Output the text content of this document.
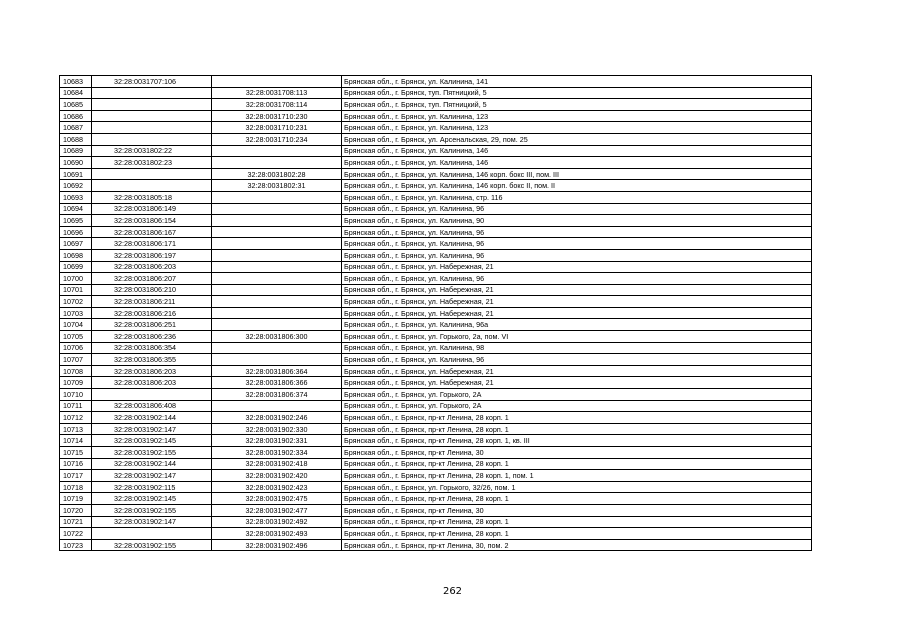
10683	32:28:0031707:106		Брянская обл., г. Брянск, ул. Калинина, 141
10684		32:28:0031708:113	Брянская обл., г. Брянск, туп. Пятницкий, 5
10685		32:28:0031708:114	Брянская обл., г. Брянск, туп. Пятницкий, 5
10686		32:28:0031710:230	Брянская обл., г. Брянск, ул. Калинина, 123
10687		32:28:0031710:231	Брянская обл., г. Брянск, ул. Калинина, 123
10688		32:28:0031710:234	Брянская обл., г. Брянск, ул. Арсенальская, 29, пом. 25
10689	32:28:0031802:22		Брянская обл., г. Брянск, ул. Калинина, 146
10690	32:28:0031802:23		Брянская обл., г. Брянск, ул. Калинина, 146
10691		32:28:0031802:28	Брянская обл., г. Брянск, ул. Калинина, 146 корп. бокс III, пом. III
10692		32:28:0031802:31	Брянская обл., г. Брянск, ул. Калинина, 146 корп. бокс II, пом. II
10693	32:28:0031805:18		Брянская обл., г. Брянск, ул. Калинина, стр. 116
10694	32:28:0031806:149		Брянская обл., г. Брянск, ул. Калинина, 96
10695	32:28:0031806:154		Брянская обл., г. Брянск, ул. Калинина, 90
10696	32:28:0031806:167		Брянская обл., г. Брянск, ул. Калинина, 96
10697	32:28:0031806:171		Брянская обл., г. Брянск, ул. Калинина, 96
10698	32:28:0031806:197		Брянская обл., г. Брянск, ул. Калинина, 96
10699	32:28:0031806:203		Брянская обл., г. Брянск, ул. Набережная, 21
10700	32:28:0031806:207		Брянская обл., г. Брянск, ул. Калинина, 96
10701	32:28:0031806:210		Брянская обл., г. Брянск, ул. Набережная, 21
10702	32:28:0031806:211		Брянская обл., г. Брянск, ул. Набережная, 21
10703	32:28:0031806:216		Брянская обл., г. Брянск, ул. Набережная, 21
10704	32:28:0031806:251		Брянская обл., г. Брянск, ул. Калинина, 96а
10705	32:28:0031806:236	32:28:0031806:300	Брянская обл., г. Брянск, ул. Горького, 2а, пом. VI
10706	32:28:0031806:354		Брянская обл., г. Брянск, ул. Калинина, 98
10707	32:28:0031806:355		Брянская обл., г. Брянск, ул. Калинина, 96
10708	32:28:0031806:203	32:28:0031806:364	Брянская обл., г. Брянск, ул. Набережная, 21
10709	32:28:0031806:203	32:28:0031806:366	Брянская обл., г. Брянск, ул. Набережная, 21
10710		32:28:0031806:374	Брянская обл., г. Брянск, ул. Горького, 2А
10711	32:28:0031806:408		Брянская обл., г. Брянск, ул. Горького, 2А
10712	32:28:0031902:144	32:28:0031902:246	Брянская обл., г. Брянск, пр-кт Ленина, 28 корп. 1
10713	32:28:0031902:147	32:28:0031902:330	Брянская обл., г. Брянск, пр-кт Ленина, 28 корп. 1
10714	32:28:0031902:145	32:28:0031902:331	Брянская обл., г. Брянск, пр-кт Ленина, 28 корп. 1, кв. III
10715	32:28:0031902:155	32:28:0031902:334	Брянская обл., г. Брянск, пр-кт Ленина, 30
10716	32:28:0031902:144	32:28:0031902:418	Брянская обл., г. Брянск, пр-кт Ленина, 28 корп. 1
10717	32:28:0031902:147	32:28:0031902:420	Брянская обл., г. Брянск, пр-кт Ленина, 28 корп. 1, пом. 1
10718	32:28:0031902:115	32:28:0031902:423	Брянская обл., г. Брянск, ул. Горького, 32/26, пом. 1
10719	32:28:0031902:145	32:28:0031902:475	Брянская обл., г. Брянск, пр-кт Ленина, 28 корп. 1
10720	32:28:0031902:155	32:28:0031902:477	Брянская обл., г. Брянск, пр-кт Ленина, 30
10721	32:28:0031902:147	32:28:0031902:492	Брянская обл., г. Брянск, пр-кт Ленина, 28 корп. 1
10722		32:28:0031902:493	Брянская обл., г. Брянск, пр-кт Ленина, 28 корп. 1
10723	32:28:0031902:155	32:28:0031902:496	Брянская обл., г. Брянск, пр-кт Ленина, 30, пом. 2
262
